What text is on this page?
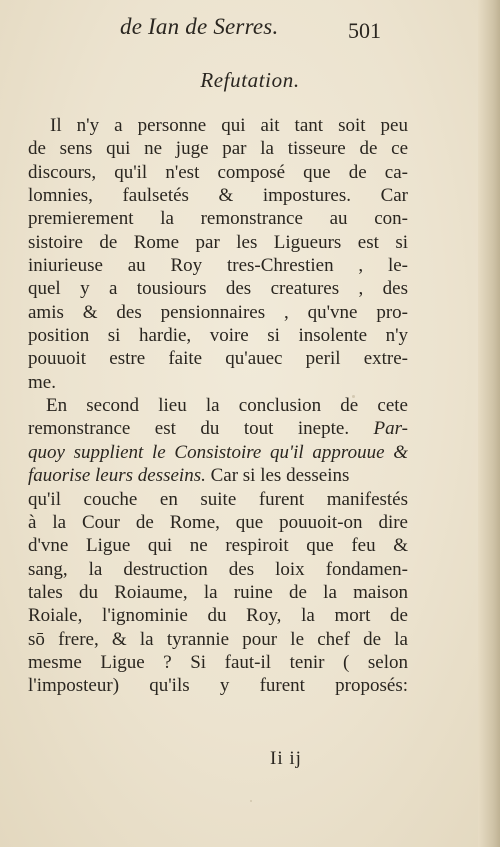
de Ian de Serres.	501
Refutation.
Il n'y a personne qui ait tant soit peu
de sens qui ne juge par la tisseure de ce
discours, qu'il n'est composé que de ca-
lomnies, faulsetés & impostures. Car
premierement la remonstrance au con-
sistoire de Rome par les Ligueurs est si
iniurieuse au Roy tres-Chrestien , le-
quel y a tousiours des creatures , des
amis & des pensionnaires , qu'vne pro-
position si hardie, voire si insolente n'y
pouuoit estre faite qu'auec peril extre-
me.
En second lieu la conclusion de cete
remonstrance est du tout inepte. Par-
quoy supplient le Consistoire qu'il approuue &
fauorise leurs desseins. Car si les desseins
qu'il couche en suite furent manifestés
à la Cour de Rome, que pouuoit-on dire
d'vne Ligue qui ne respiroit que feu &
sang, la destruction des loix fondamen-
tales du Roiaume, la ruine de la maison
Roiale, l'ignominie du Roy, la mort de
sō frere, & la tyrannie pour le chef de la
mesme Ligue ? Si faut-il tenir ( selon
l'imposteur) qu'ils y furent proposés:
Ii ij
